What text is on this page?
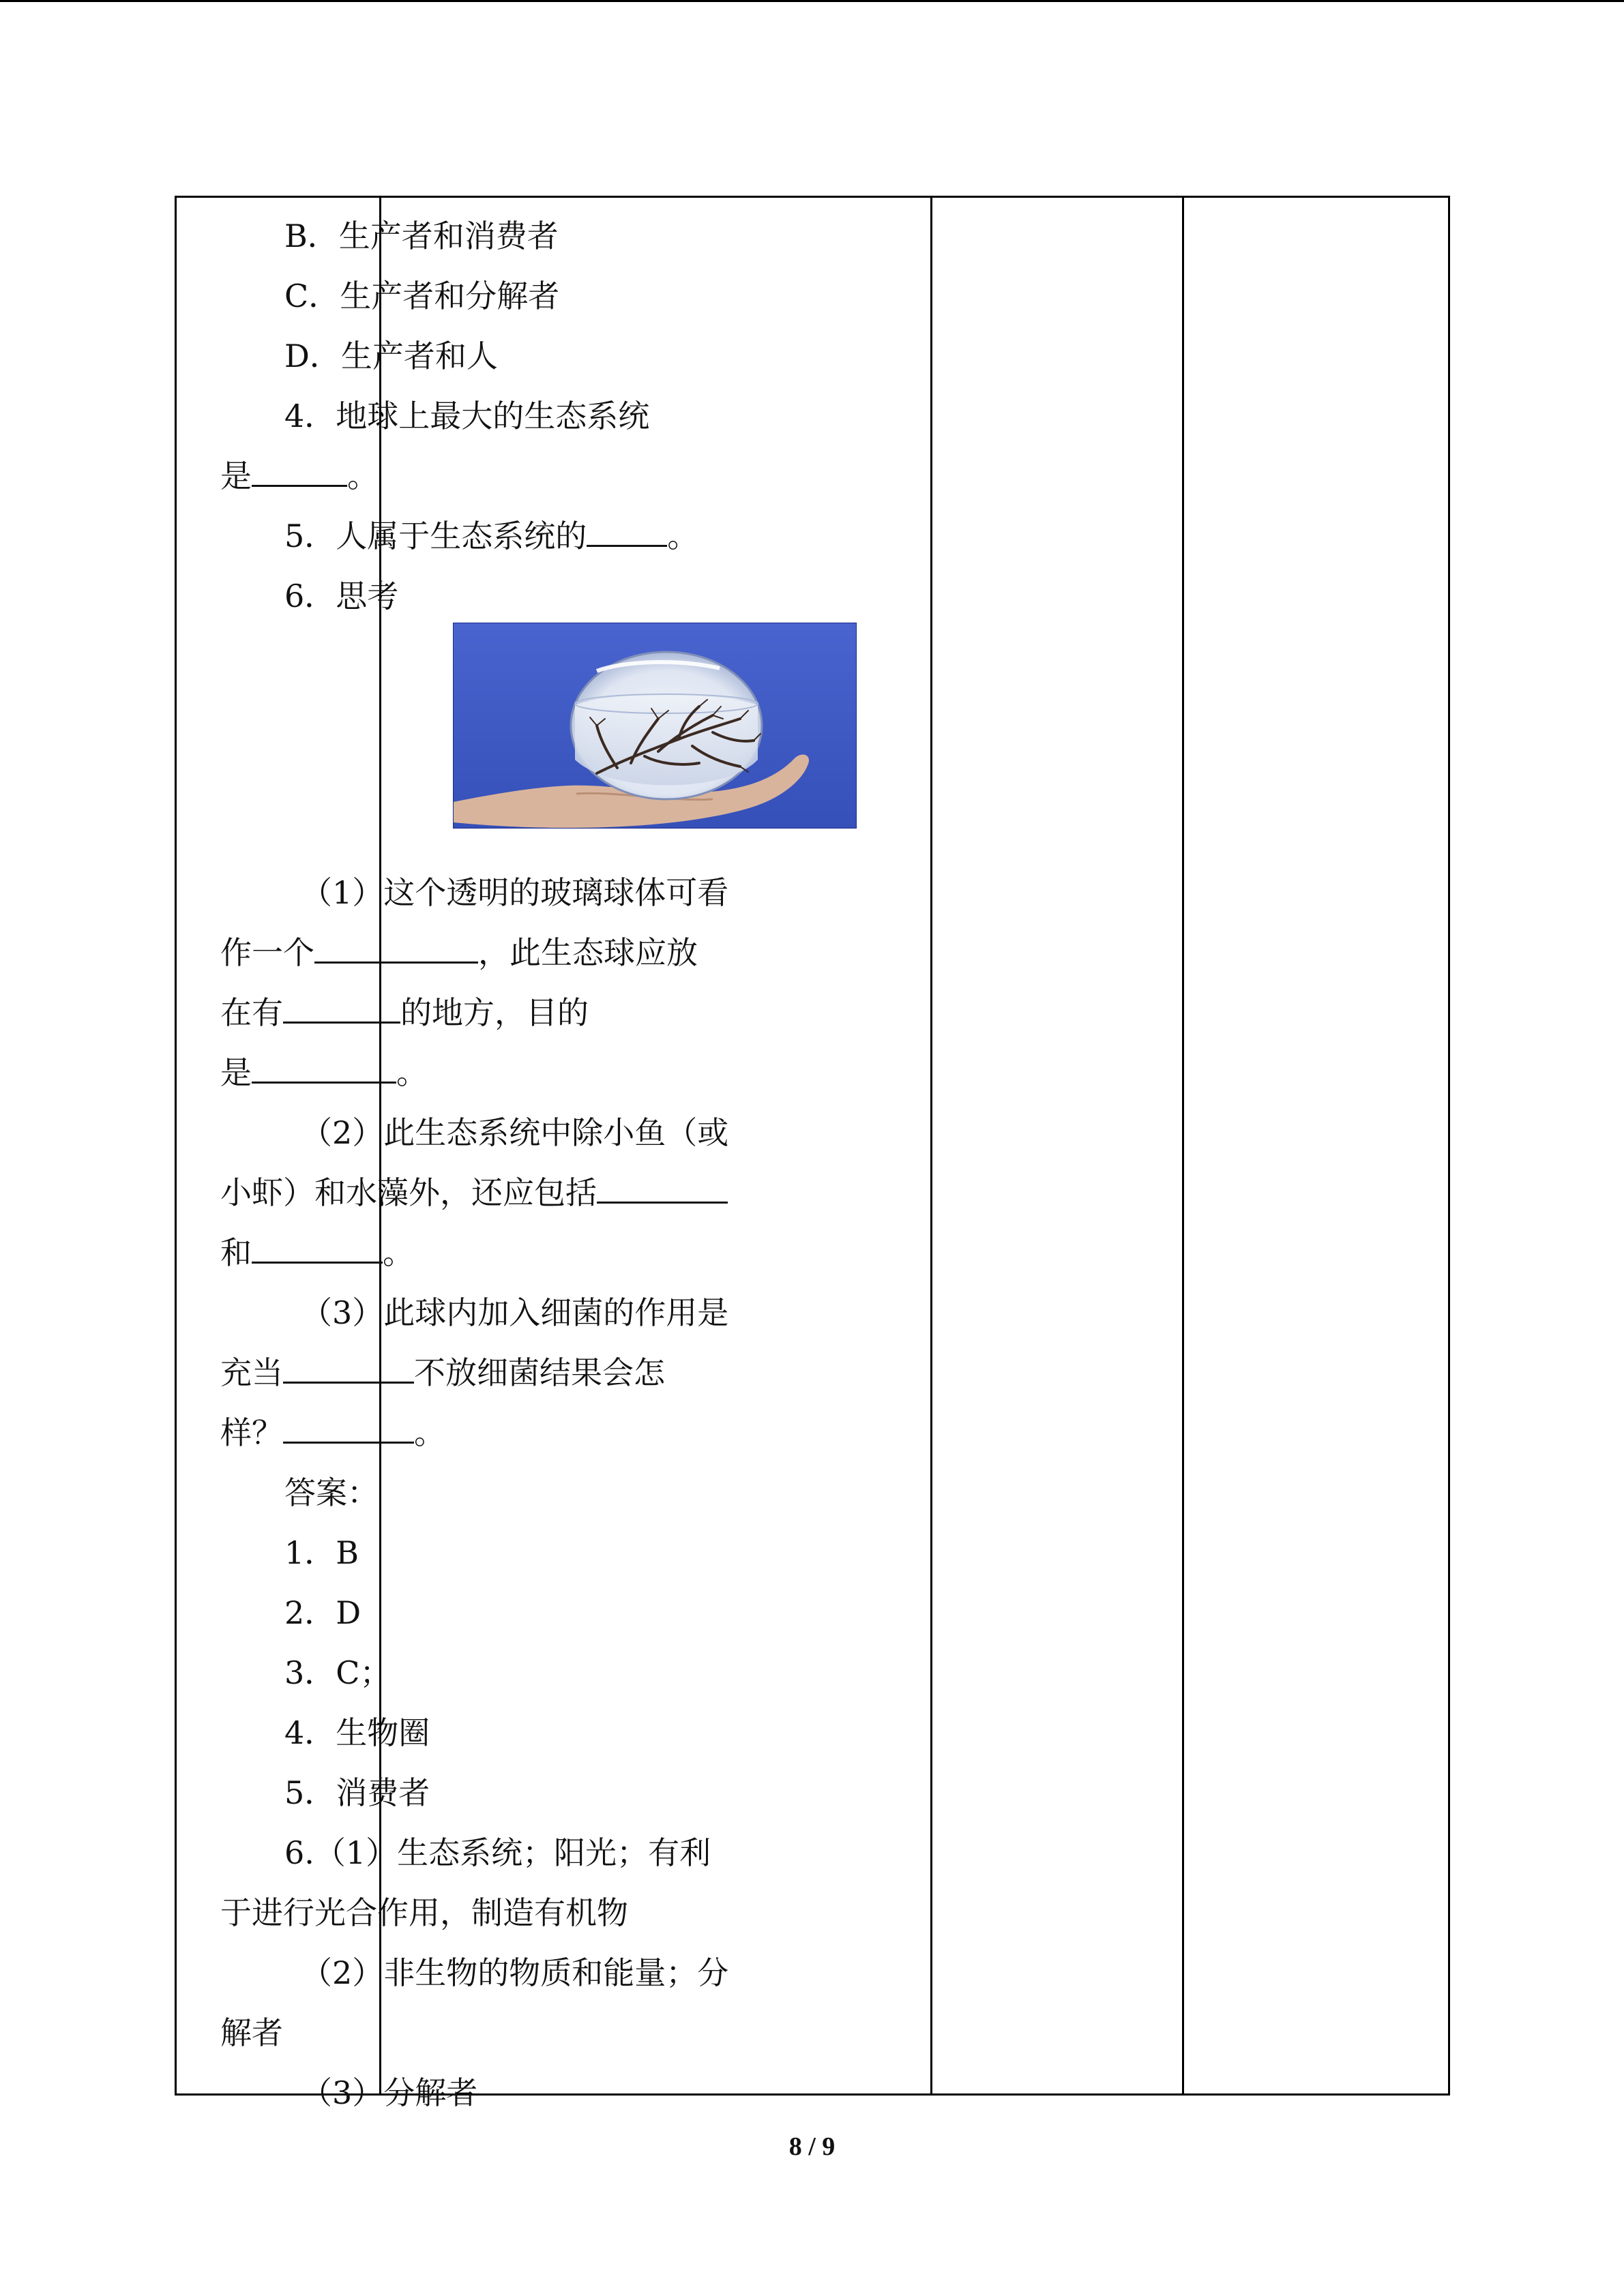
B．生产者和消费者
C．生产者和分解者
D．生产者和人
4．地球上最大的生态系统
是	。
5．人属于生态系统的	。
6．思考
（1）这个透明的玻璃球体可看
作一个	，此生态球应放
在有	的地方，目的
是	。
（2）此生态系统中除小鱼（或
小虾）和水藻外，还应包括
和	。
（3）此球内加入细菌的作用是
充当	不放细菌结果会怎
样？	。
答案：
1．B
2．D
3．C；
4．生物圈
5．消费者
6.（1）生态系统；阳光；有利
于进行光合作用，制造有机物
（2）非生物的物质和能量；分
解者
（3）分解者
8 / 9
